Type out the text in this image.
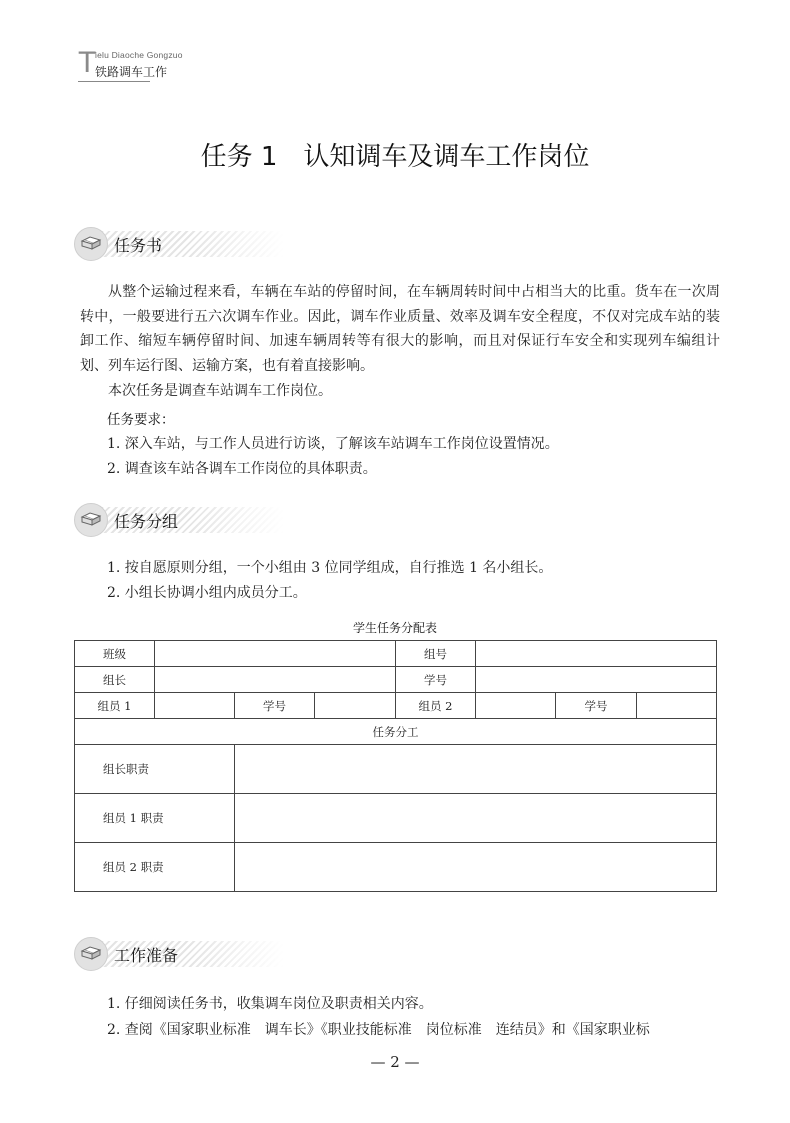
T
ielu Diaoche Gongzuo
铁路调车工作
任务 1　认知调车及调车工作岗位
任务书

从整个运输过程来看，车辆在车站的停留时间，在车辆周转时间中占相当大的比重。货车在一次周转中，一般要进行五六次调车作业。因此，调车作业质量、效率及调车安全程度，不仅对完成车站的装卸工作、缩短车辆停留时间、加速车辆周转等有很大的影响，而且对保证行车安全和实现列车编组计划、列车运行图、运输方案，也有着直接影响。

本次任务是调查车站调车工作岗位。

任务要求：
1. 深入车站，与工作人员进行访谈，了解该车站调车工作岗位设置情况。
2. 调查该车站各调车工作岗位的具体职责。
任务分组
1. 按自愿原则分组，一个小组由 3 位同学组成，自行推选 1 名小组长。
2. 小组长协调小组内成员分工。
学生任务分配表
班级				组号			
组长				学号			
组员 1		学号		组员 2		学号	
任务分工							
组长职责							
组员 1 职责							
组员 2 职责							
工作准备
1. 仔细阅读任务书，收集调车岗位及职责相关内容。
2. 查阅《国家职业标准　调车长》《职业技能标准　岗位标准　连结员》和《国家职业标
— 2 —
